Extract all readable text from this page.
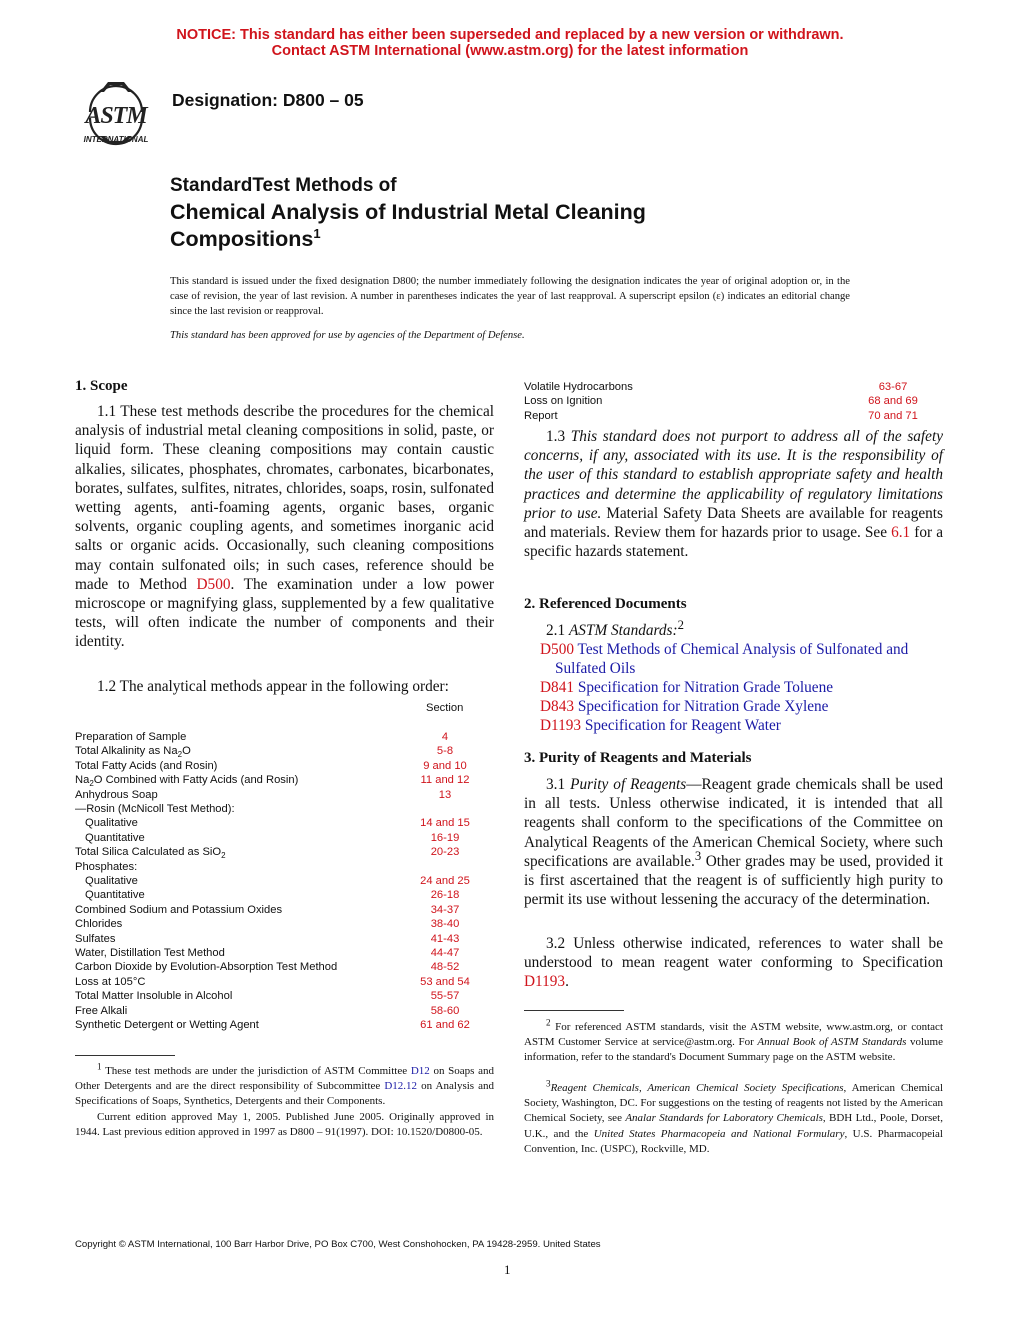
NOTICE: This standard has either been superseded and replaced by a new version or withdrawn.
Contact ASTM International (www.astm.org) for the latest information
ASTM
INTERNATIONAL
Designation: D800 – 05
StandardTest Methods of
Chemical Analysis of Industrial Metal Cleaning
Compositions$^1$
This standard is issued under the fixed designation D800; the number immediately following the designation indicates the year of original adoption or, in the case of revision, the year of last revision. A number in parentheses indicates the year of last reapproval. A superscript epsilon (ε) indicates an editorial change since the last revision or reapproval.
This standard has been approved for use by agencies of the Department of Defense.
1. Scope

1.1 These test methods describe the procedures for the chemical analysis of industrial metal cleaning compositions in solid, paste, or liquid form. These cleaning compositions may contain caustic alkalies, silicates, phosphates, chromates, carbonates, bicarbonates, borates, sulfates, sulfites, nitrates, chlorides, soaps, rosin, sulfonated wetting agents, anti-foaming agents, organic bases, organic solvents, organic coupling agents, and sometimes inorganic acid salts or organic acids. Occasionally, such cleaning compositions may contain sulfonated oils; in such cases, reference should be made to Method D500. The examination under a low power microscope or magnifying glass, supplemented by a few qualitative tests, will often indicate the number of components and their identity.

1.2 The analytical methods appear in the following order:

Section
Preparation of Sample	4
Total Alkalinity as $Na_2O$	5-8
Total Fatty Acids (and Rosin)	9 and 10
$Na_2O$ Combined with Fatty Acids (and Rosin)	11 and 12
Anhydrous Soap	13
—Rosin (McNicoll Test Method):
Qualitative	14 and 15
Quantitative	16-19
Total Silica Calculated as SiO$_2$	20-23
Phosphates:
Qualitative	24 and 25
Quantitative	26-18
Combined Sodium and Potassium Oxides	34-37
Chlorides	38-40
Sulfates	41-43
Water, Distillation Test Method	44-47
Carbon Dioxide by Evolution-Absorption Test Method	48-52
Loss at 105°C	53 and 54
Total Matter Insoluble in Alcohol	55-57
Free Alkali	58-60
Synthetic Detergent or Wetting Agent	61 and 62

$^1$ These test methods are under the jurisdiction of ASTM Committee D12 on Soaps and Other Detergents and are the direct responsibility of Subcommittee D12.12 on Analysis and Specifications of Soaps, Synthetics, Detergents and their Components.

Current edition approved May 1, 2005. Published June 2005. Originally approved in 1944. Last previous edition approved in 1997 as D800 – 91(1997). DOI: 10.1520/D0800-05.

Volatile Hydrocarbons	63-67
Loss on Ignition	68 and 69
Report	70 and 71

1.3 This standard does not purport to address all of the safety concerns, if any, associated with its use. It is the responsibility of the user of this standard to establish appropriate safety and health practices and determine the applicability of regulatory limitations prior to use. Material Safety Data Sheets are available for reagents and materials. Review them for hazards prior to usage. See 6.1 for a specific hazards statement.

2. Referenced Documents

2.1 ASTM Standards:$^2$

D500 Test Methods of Chemical Analysis of Sulfonated and Sulfated Oils
D841 Specification for Nitration Grade Toluene
D843 Specification for Nitration Grade Xylene
D1193 Specification for Reagent Water
3. Purity of Reagents and Materials

3.1 Purity of Reagents—Reagent grade chemicals shall be used in all tests. Unless otherwise indicated, it is intended that all reagents shall conform to the specifications of the Committee on Analytical Reagents of the American Chemical Society, where such specifications are available.$^3$ Other grades may be used, provided it is first ascertained that the reagent is of sufficiently high purity to permit its use without lessening the accuracy of the determination.

3.2 Unless otherwise indicated, references to water shall be understood to mean reagent water conforming to Specification D1193.

$^2$ For referenced ASTM standards, visit the ASTM website, www.astm.org, or contact ASTM Customer Service at service@astm.org. For Annual Book of ASTM Standards volume information, refer to the standard's Document Summary page on the ASTM website.

$^3$Reagent Chemicals, American Chemical Society Specifications, American Chemical Society, Washington, DC. For suggestions on the testing of reagents not listed by the American Chemical Society, see Analar Standards for Laboratory Chemicals, BDH Ltd., Poole, Dorset, U.K., and the United States Pharmacopeia and National Formulary, U.S. Pharmacopeial Convention, Inc. (USPC), Rockville, MD.

Copyright © ASTM International, 100 Barr Harbor Drive, PO Box C700, West Conshohocken, PA 19428-2959. United States
1
